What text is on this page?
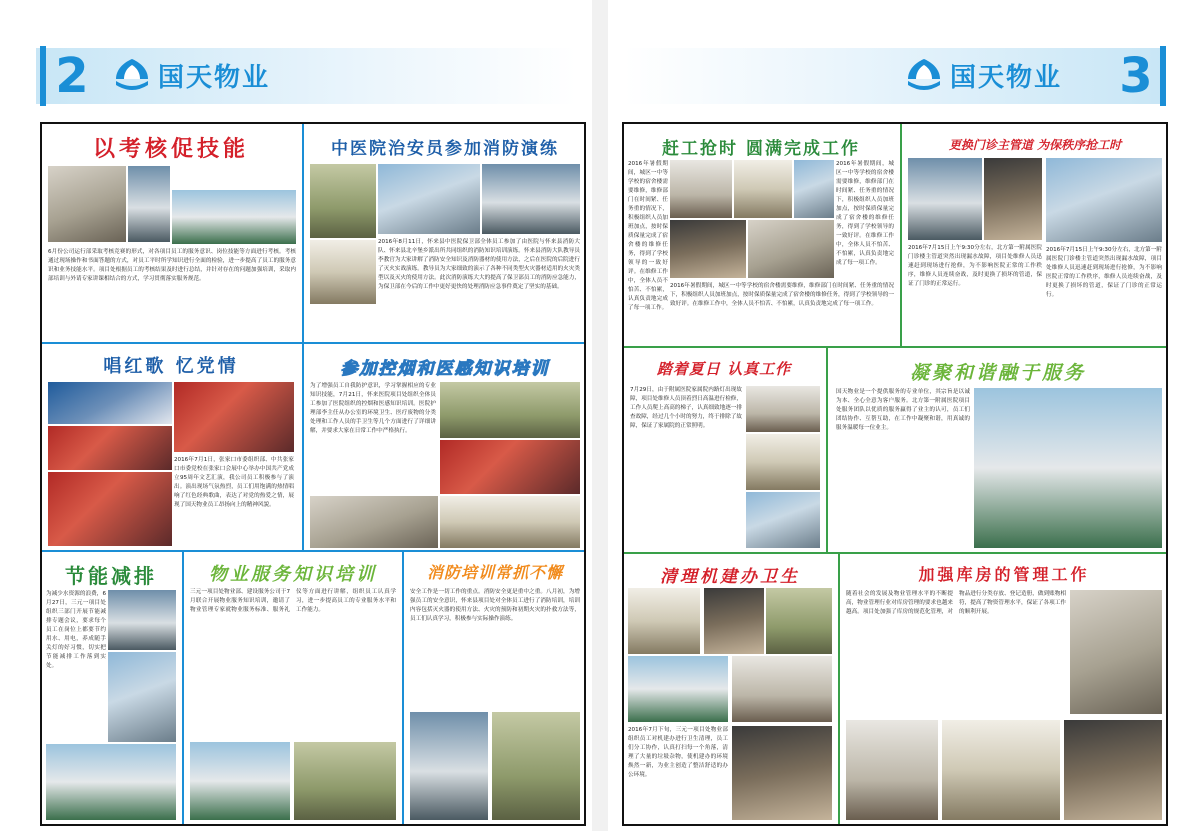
2	国天物业
以考核促技能
6月份公司运行部采取考核竞赛的形式，对各项目员工的服务意识、岗位技能等方面进行考核。考核通过现场操作和书面答题的方式，对员工平时所学知识进行全面的检验，进一步提高了员工的服务意识和业务技能水平。项目处根据员工的考核结果及时进行总结，并针对存在的问题加强培训，采取内部培训与外请专家讲课相结合的方式，学习贯彻落实服务规范。
中医院治安员参加消防演练
2016年8月11日，怀来县中医院保卫部全体员工参加了由医院与怀来县消防大队、怀来县北辛堡乡派出所共同组织的消防知识培训演练。怀来县消防大队教导员李教官为大家讲解了消防安全知识及消防器材的使用方法，之后在医院的后院进行了灭火实战演练。教导员为大家细致的演示了各种不同类型火灾器材适用的火灾类型以及灭火的使用方法。此次消防演练大大的提高了保卫部员工的消防应急能力，为保卫部在今后的工作中更好更快的处理消防应急事件奠定了坚实的基础。
唱红歌 忆党情
2016年7月1日，张家口市委组织部、中共张家口市委党校在张家口会展中心举办中国共产党成立95周年文艺汇演，我公司员工积极参与了演出。演出现场气氛热烈，员工们用饱满的热情唱响了红色经典歌曲，表达了对党的热爱之情，展现了国天物业员工昂扬向上的精神风貌。
参加控烟和医感知识培训
为了增强员工自我防护意识，学习掌握相应的专业知识技能，7月21日，怀来医院项目处组织全体员工参加了医院组织的控烟和医感知识培训。医院护理部李主任从办公室的环境卫生、医疗废物的分类处理和工作人员的手卫生等几个方面进行了详细讲解，并要求大家在日常工作中严格执行。
节能减排
为减少水资源的浪费，6月27日，三元一项目处组织三部门开展节能减排专题会议，要求每个员工在岗位上都要节约用水、用电，养成随手关灯的好习惯，切实把节能减排工作落到实处。
物业服务知识培训
三元一项目处物业部、建设服务公司于7月联合开展物业服务知识培训，邀请了物业管理专家就物业服务标准、服务礼仪等方面进行讲解，组织员工认真学习，进一步提高员工的专业服务水平和工作能力。
消防培训常抓不懈
安全工作是一切工作的重点。消防安全更是重中之重。八月初，为增强员工的安全意识，怀来县项目处对全体员工进行了消防培训，培训内容包括灭火器的使用方法、火灾的预防和初期火灾的扑救方法等，员工们认真学习，积极参与实际操作演练。
3
国天物业
赶工抢时 圆满完成工作
2016年暑假期间，城区一中等学校的宿舍楼需要维修，维修部门在时间紧、任务重的情况下，积极组织人员加班加点，按时保质保量完成了宿舍楼的维修任务，得到了学校领导的一致好评。在维修工作中，全体人员不怕苦、不怕累，认真负责地完成了每一项工作。
2016年暑假期间，城区一中等学校的宿舍楼需要维修，维修部门在时间紧、任务重的情况下，积极组织人员加班加点，按时保质保量完成了宿舍楼的维修任务，得到了学校领导的一致好评。在维修工作中，全体人员不怕苦、不怕累，认真负责地完成了每一项工作。
2016年暑假期间，城区一中等学校的宿舍楼需要维修，维修部门在时间紧、任务重的情况下，积极组织人员加班加点，按时保质保量完成了宿舍楼的维修任务，得到了学校领导的一致好评。在维修工作中，全体人员不怕苦、不怕累，认真负责地完成了每一项工作。
更换门诊主管道 为保秩序抢工时
2016年7月15日上午9:30分左右，北方第一附属医院门诊楼主管道突然出现漏水故障，项目处维修人员迅速赶到现场进行抢修，为不影响医院正常的工作秩序，维修人员连续奋战，及时更换了损坏的管道，保证了门诊的正常运行。
2016年7月15日上午9:30分左右，北方第一附属医院门诊楼主管道突然出现漏水故障，项目处维修人员迅速赶到现场进行抢修，为不影响医院正常的工作秩序，维修人员连续奋战，及时更换了损坏的管道，保证了门诊的正常运行。
踏着夏日 认真工作
7月29日，由于附属医院家属院内路灯出现故障，项目处维修人员顶着烈日高温进行检修，工作人员爬上高高的梯子，认真细致地逐一排查故障，经过几个小时的努力，终于排除了故障，保证了家属院的正常照明。
凝聚和谐融于服务
国天物业是一个提供服务的专业单位，其宗旨是以诚为本、全心全意为客户服务。北方第一附属医院项目处服务团队以优质的服务赢得了业主的认可，员工们团结协作、互帮互助，在工作中凝聚和谐，用真诚的服务温暖每一位业主。
清理机建办卫生
2016年7月下旬，三元一项目处物业部组织员工对机建办进行卫生清理，员工们分工协作，认真打扫每一个角落，清理了大量的垃圾杂物，使机建办的环境焕然一新，为业主创造了整洁舒适的办公环境。
加强库房的管理工作
随着社会的发展及物业管理水平的不断提高，物业管理行业对库房管理的要求也越来越高。项目处加强了库房的规范化管理，对物品进行分类存放、登记造册，做到账物相符，提高了物资管理水平，保证了各项工作的顺利开展。
